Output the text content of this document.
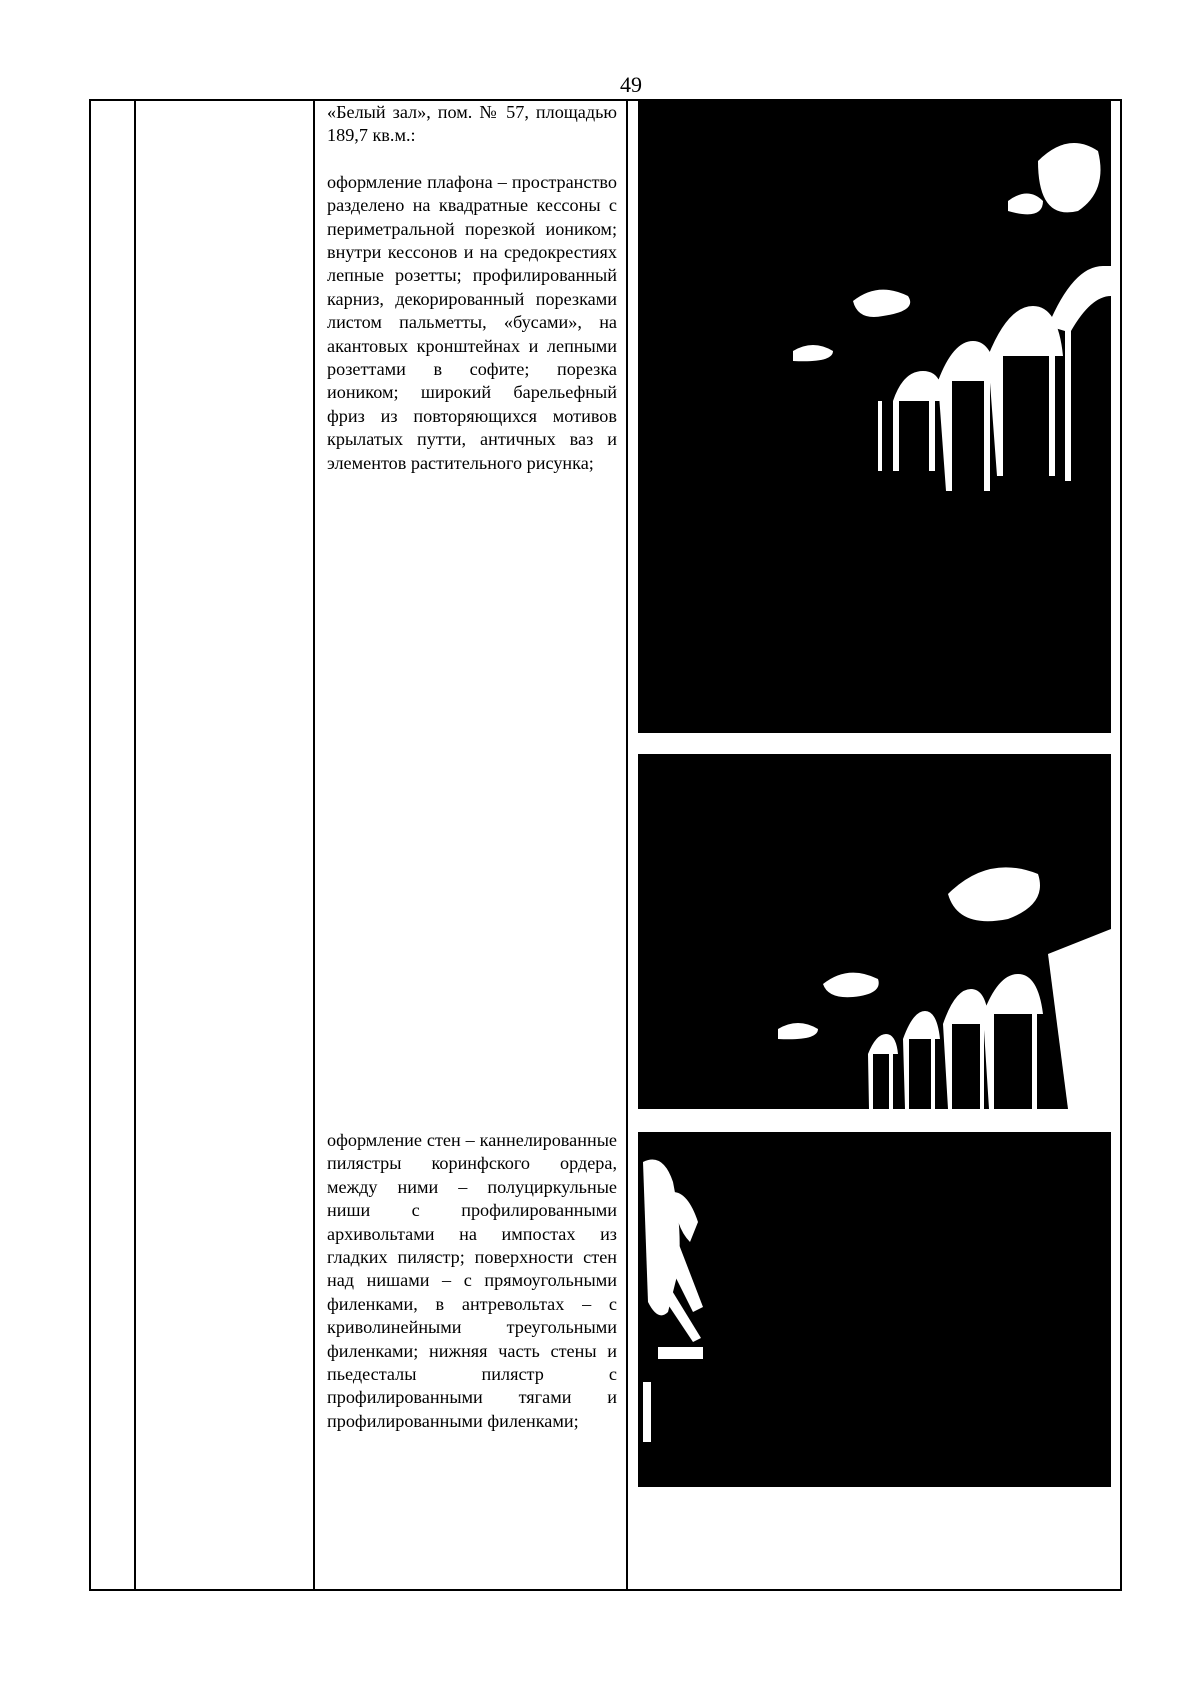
49

«Белый зал», пом. № 57, площадью 189,7 кв.м.:

оформление плафона – пространство разделено на квадратные кессоны с периметральной порезкой иоником; внутри кессонов и на средокрестиях лепные розетты; профилированный карниз, декорированный порезками листом пальметты, «бусами», на акантовых кронштейнах и лепными розеттами в софите; порезка иоником; широкий барельефный фриз из повторяющихся мотивов крылатых путти, античных ваз и элементов растительного рисунка;

оформление стен – каннелированные пилястры коринфского ордера, между ними – полуциркульные ниши с профилированными архивольтами на импостах из гладких пилястр; поверхности стен над нишами – с прямоугольными филенками, в антревольтах – с криволинейными треугольными филенками; нижняя часть стены и пьедесталы пилястр с профилированными тягами и профилированными филенками;
